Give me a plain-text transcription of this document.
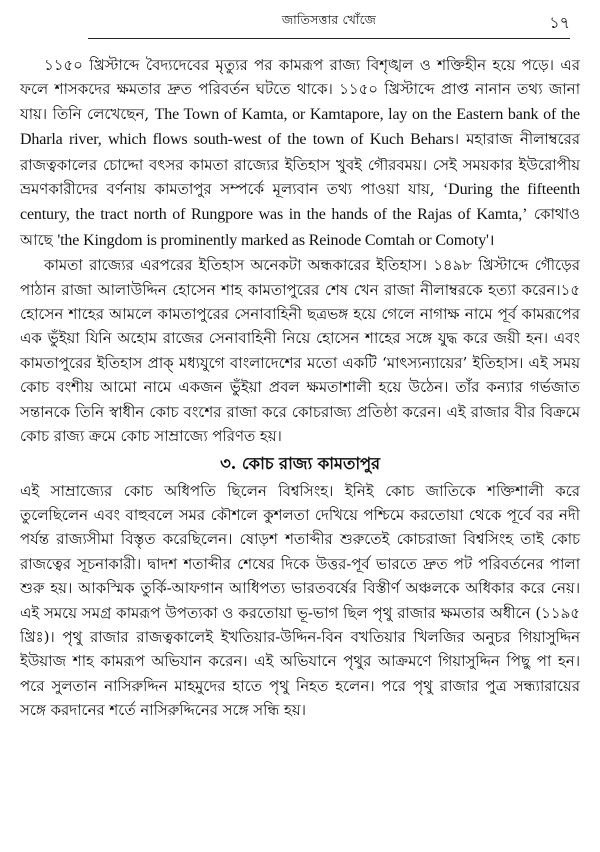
জাতিসত্তার খোঁজে	১৭

১১৫০ খ্রিস্টাব্দে বৈদ্যদেবের মৃত্যুর পর কামরূপ রাজ্য বিশৃঙ্খল ও শক্তিহীন হয়ে পড়ে। এর ফলে শাসকদের ক্ষমতার দ্রুত পরিবর্তন ঘটতে থাকে। ১১৫০ খ্রিস্টাব্দে প্রাপ্ত নানান তথ্য জানা যায়। তিনি লেখেছেন, The Town of Kamta, or Kamtapore, lay on the Eastern bank of the Dharla river, which flows south-west of the town of Kuch Behars। মহারাজ নীলাম্বরের রাজত্বকালের চোদ্দো বৎসর কামতা রাজ্যের ইতিহাস খুবই গৌরবময়। সেই সময়কার ইউরোপীয় ভ্রমণকারীদের বর্ণনায় কামতাপুর সম্পর্কে মূল্যবান তথ্য পাওয়া যায়, ‘During the fifteenth century, the tract north of Rungpore was in the hands of the Rajas of Kamta,’ কোথাও আছে 'the Kingdom is prominently marked as Reinode Comtah or Comoty'।

কামতা রাজ্যের এরপরের ইতিহাস অনেকটা অন্ধকারের ইতিহাস। ১৪৯৮ খ্রিস্টাব্দে গৌড়ের পাঠান রাজা আলাউদ্দিন হোসেন শাহ কামতাপুরের শেষ খেন রাজা নীলাম্বরকে হত্যা করেন।১৫ হোসেন শাহের আমলে কামতাপুরের সেনাবাহিনী ছত্রভঙ্গ হয়ে গেলে নাগাক্ষ নামে পূর্ব কামরূপের এক ভুঁইয়া যিনি অহোম রাজের সেনাবাহিনী নিয়ে হোসেন শাহের সঙ্গে যুদ্ধ করে জয়ী হন। এবং কামতাপুরের ইতিহাস প্রাক্ মধ্যযুগে বাংলাদেশের মতো একটি ‘মাৎস্যন্যায়ের’ ইতিহাস। এই সময় কোচ বংশীয় আমো নামে একজন ভুঁইয়া প্রবল ক্ষমতাশালী হয়ে উঠেন। তাঁর কন্যার গর্ভজাত সন্তানকে তিনি স্বাধীন কোচ বংশের রাজা করে কোচরাজ্য প্রতিষ্ঠা করেন। এই রাজার বীর বিক্রমে কোচ রাজ্য ক্রমে কোচ সাম্রাজ্যে পরিণত হয়।

৩. কোচ রাজ্য কামতাপুর

এই সাম্রাজ্যের কোচ অধিপতি ছিলেন বিশ্বসিংহ। ইনিই কোচ জাতিকে শক্তিশালী করে তুলেছিলেন এবং বাহুবলে সমর কৌশলে কুশলতা দেখিয়ে পশ্চিমে করতোয়া থেকে পূর্বে বর নদী পর্যন্ত রাজ্যসীমা বিস্তৃত করেছিলেন। ষোড়শ শতাব্দীর শুরুতেই কোচরাজা বিশ্বসিংহ তাই কোচ রাজত্বের সূচনাকারী। দ্বাদশ শতাব্দীর শেষের দিকে উত্তর-পূর্ব ভারতে দ্রুত পট পরিবর্তনের পালা শুরু হয়। আকস্মিক তুর্কি-আফগান আধিপত্য ভারতবর্ষের বিস্তীর্ণ অঞ্চলকে অধিকার করে নেয়। এই সময়ে সমগ্র কামরূপ উপত্যকা ও করতোয়া ভূ-ভাগ ছিল পৃথু রাজার ক্ষমতার অধীনে (১১৯৫ খ্রিঃ)। পৃথু রাজার রাজত্বকালেই ইখতিয়ার-উদ্দিন-বিন বখতিয়ার খিলজির অনুচর গিয়াসুদ্দিন ইউয়াজ শাহ কামরূপ অভিযান করেন। এই অভিযানে পৃথুর আক্রমণে গিয়াসুদ্দিন পিছু পা হন। পরে সুলতান নাসিরুদ্দিন মাহমুদের হাতে পৃথু নিহত হলেন। পরে পৃথু রাজার পুত্র সন্ধ্যারায়ের সঙ্গে করদানের শর্তে নাসিরুদ্দিনের সঙ্গে সন্ধি হয়।
